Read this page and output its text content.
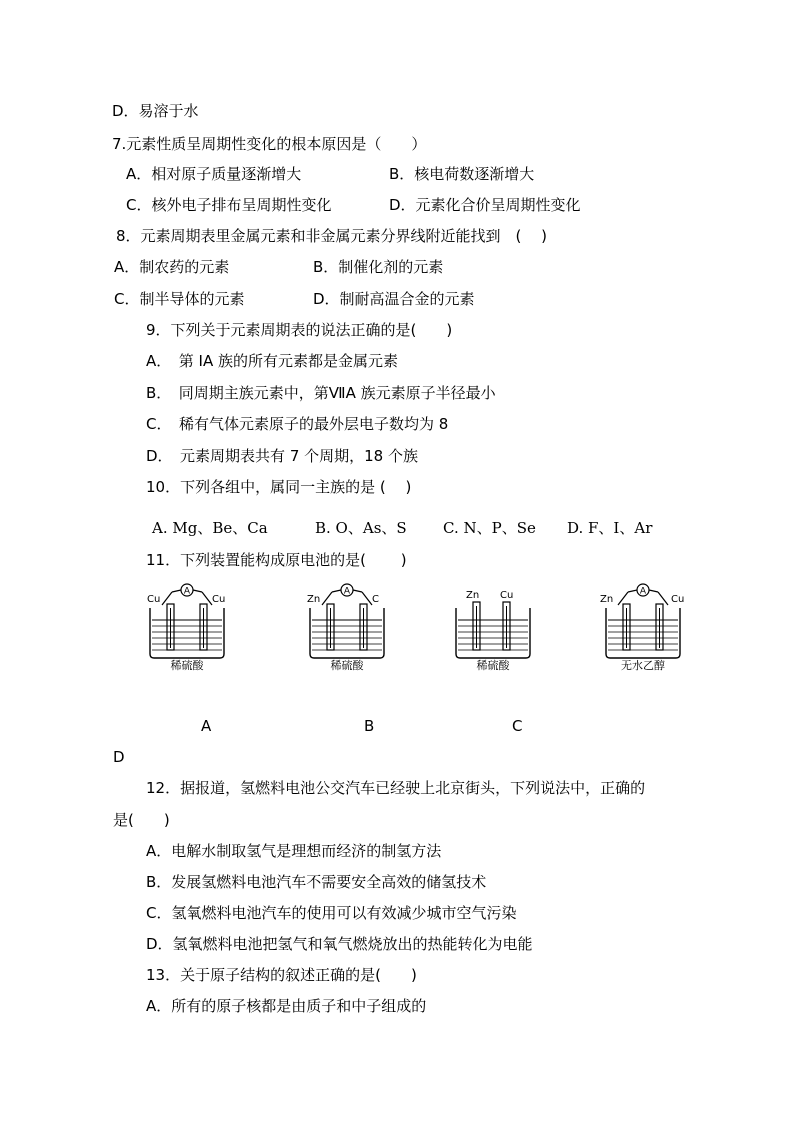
D．易溶于水
7.元素性质呈周期性变化的根本原因是（　　）
A．相对原子质量逐渐增大	B．核电荷数逐渐增大
C．核外电子排布呈周期性变化	D．元素化合价呈周期性变化
8．元素周期表里金属元素和非金属元素分界线附近能找到　(　 )
A．制农药的元素	B．制催化剂的元素
C．制半导体的元素	D．制耐高温合金的元素
9．下列关于元素周期表的说法正确的是(　　)
A．　第 IA 族的所有元素都是金属元素
B．　同周期主族元素中，第ⅦA 族元素原子半径最小
C．　稀有气体元素原子的最外层电子数均为 8
D．　元素周期表共有 7 个周期，18 个族
10．下列各组中，属同一主族的是 (　 )
A. Mg、Be、Ca	B. O、As、S C. N、P、Se D. F、I、Ar
11．下列装置能构成原电池的是(　　 )
A
Cu	Cu
稀硫酸
A
Zn	C
稀硫酸
Zn Cu
稀硫酸
A
Zn	Cu
无水乙醇
A	B	C
D
12．据报道，氢燃料电池公交汽车已经驶上北京街头，下列说法中，正确的
是(　　)
A．电解水制取氢气是理想而经济的制氢方法
B．发展氢燃料电池汽车不需要安全高效的储氢技术
C．氢氧燃料电池汽车的使用可以有效减少城市空气污染
D．氢氧燃料电池把氢气和氧气燃烧放出的热能转化为电能
13．关于原子结构的叙述正确的是(　　)
A．所有的原子核都是由质子和中子组成的
